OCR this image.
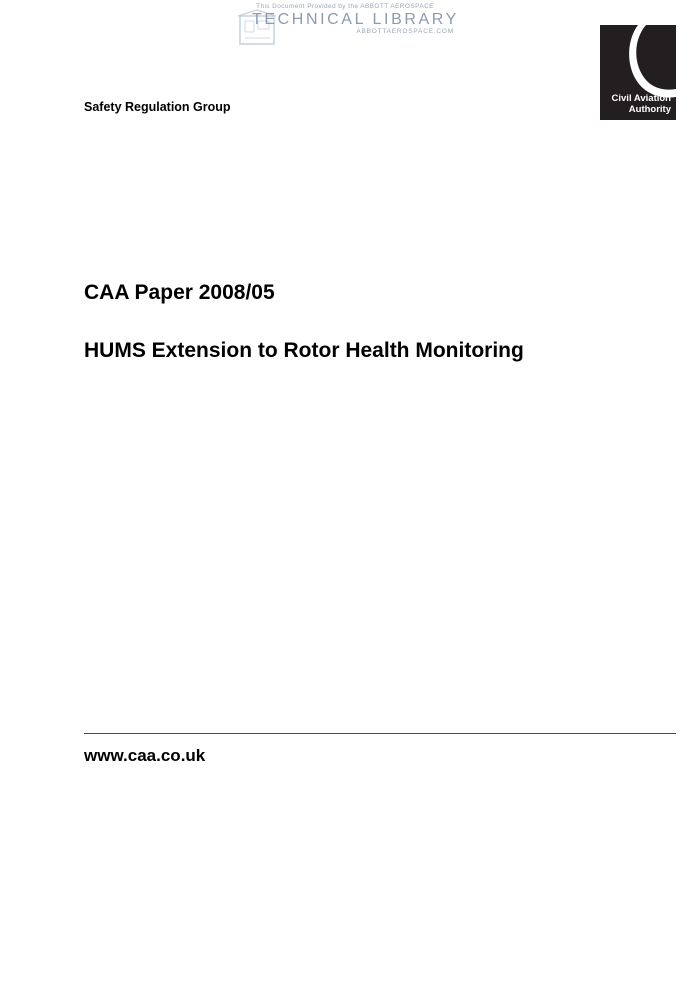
This Document Provided by the ABBOTT AEROSPACE
TECHNICAL LIBRARY
ABBOTTAEROSPACE.COM
Safety Regulation Group
Civil Aviation
Authority
CAA Paper 2008/05
HUMS Extension to Rotor Health Monitoring
www.caa.co.uk
